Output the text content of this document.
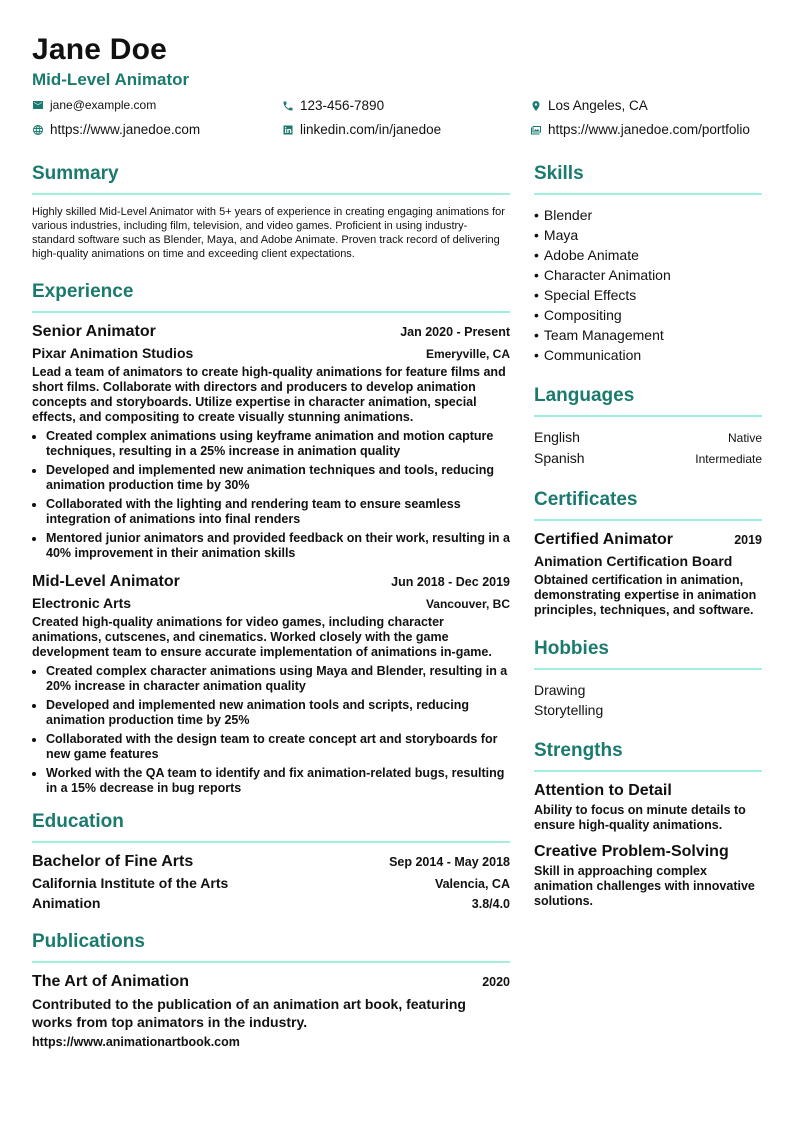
Jane Doe
Mid-Level Animator
jane@example.com	123-456-7890	Los Angeles, CA
https://www.janedoe.com	linkedin.com/in/janedoe	https://www.janedoe.com/portfolio
Summary
Highly skilled Mid-Level Animator with 5+ years of experience in creating engaging animations for various industries, including film, television, and video games. Proficient in using industry-standard software such as Blender, Maya, and Adobe Animate. Proven track record of delivering high-quality animations on time and exceeding client expectations.
Experience
Senior Animator	Jan 2020 - Present
Pixar Animation Studios	Emeryville, CA
Lead a team of animators to create high-quality animations for feature films and short films. Collaborate with directors and producers to develop animation concepts and storyboards. Utilize expertise in character animation, special effects, and compositing to create visually stunning animations.
• Created complex animations using keyframe animation and motion capture techniques, resulting in a 25% increase in animation quality
• Developed and implemented new animation techniques and tools, reducing animation production time by 30%
• Collaborated with the lighting and rendering team to ensure seamless integration of animations into final renders
• Mentored junior animators and provided feedback on their work, resulting in a 40% improvement in their animation skills
Mid-Level Animator	Jun 2018 - Dec 2019
Electronic Arts	Vancouver, BC
Created high-quality animations for video games, including character animations, cutscenes, and cinematics. Worked closely with the game development team to ensure accurate implementation of animations in-game.
• Created complex character animations using Maya and Blender, resulting in a 20% increase in character animation quality
• Developed and implemented new animation tools and scripts, reducing animation production time by 25%
• Collaborated with the design team to create concept art and storyboards for new game features
• Worked with the QA team to identify and fix animation-related bugs, resulting in a 15% decrease in bug reports
Education
Bachelor of Fine Arts	Sep 2014 - May 2018
California Institute of the Arts	Valencia, CA
Animation	3.8/4.0
Publications
The Art of Animation	2020
Contributed to the publication of an animation art book, featuring works from top animators in the industry.
https://www.animationartbook.com
Skills
• Blender
• Maya
• Adobe Animate
• Character Animation
• Special Effects
• Compositing
• Team Management
• Communication
Languages
English	Native
Spanish	Intermediate
Certificates
Certified Animator	2019
Animation Certification Board
Obtained certification in animation, demonstrating expertise in animation principles, techniques, and software.
Hobbies
Drawing
Storytelling
Strengths
Attention to Detail
Ability to focus on minute details to ensure high-quality animations.
Creative Problem-Solving
Skill in approaching complex animation challenges with innovative solutions.
